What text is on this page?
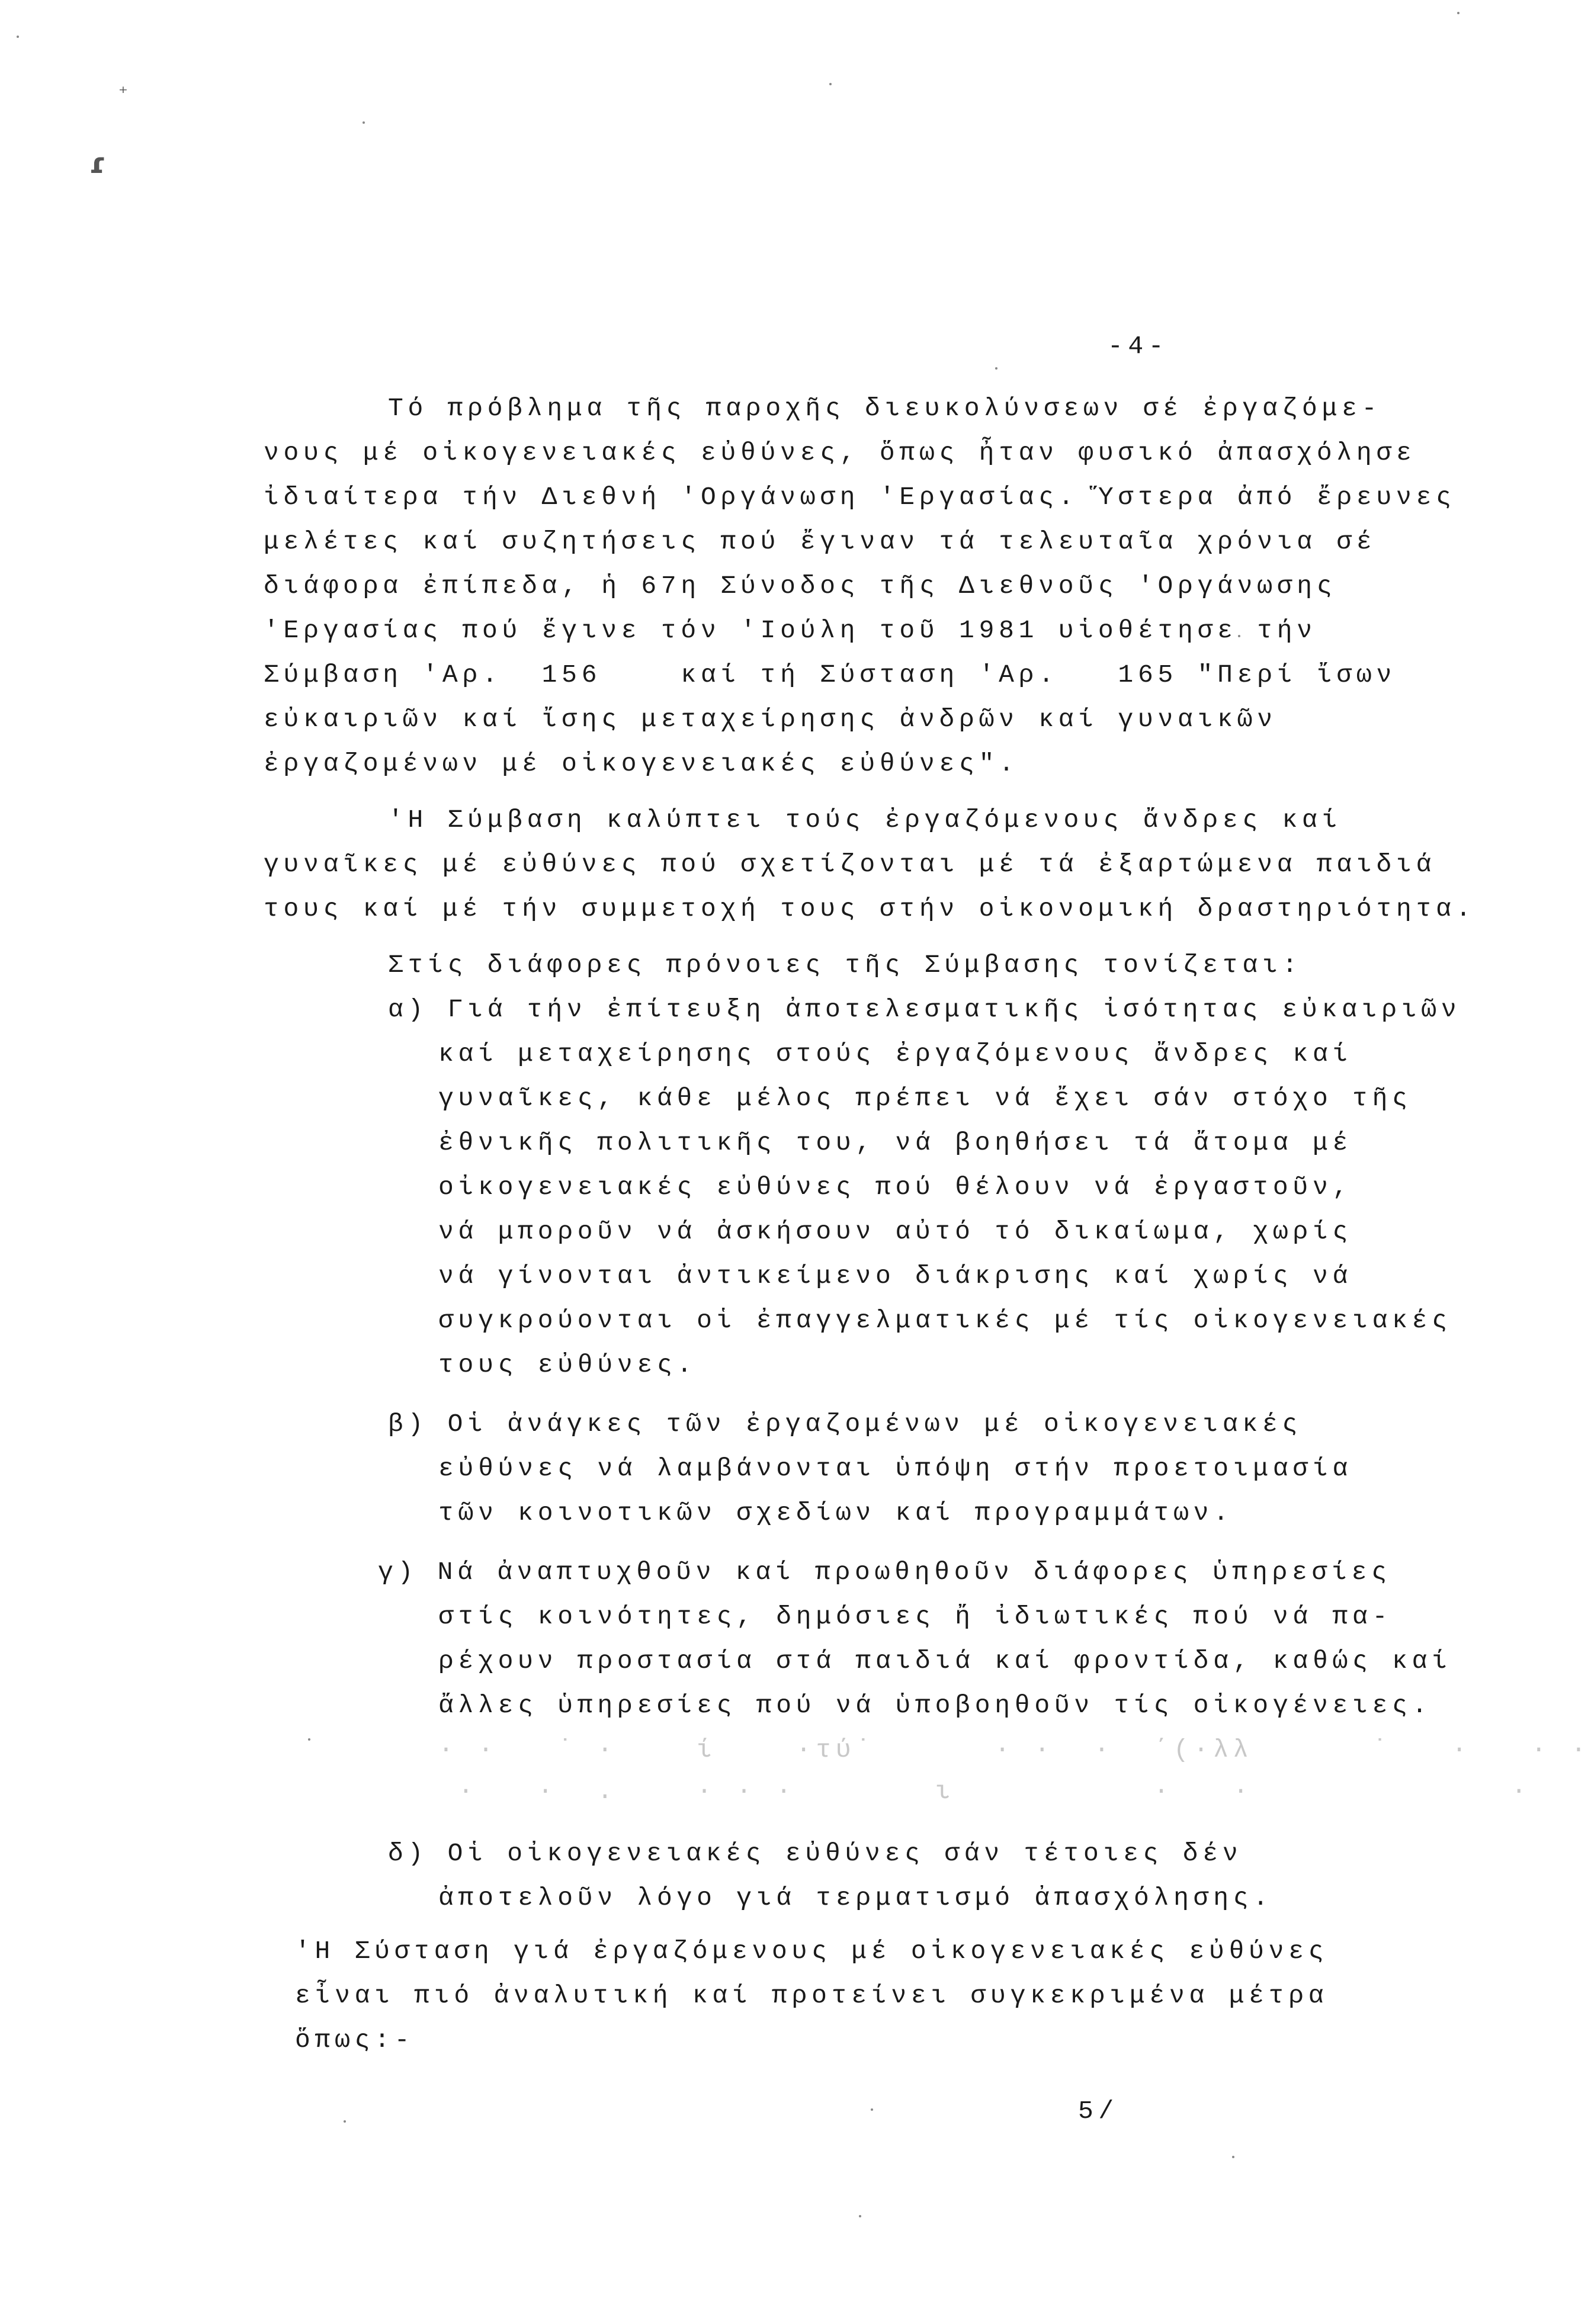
⁺
ɾ
-4-
Τό πρόβλημα τῆς παροχῆς διευκολύνσεων σέ ἐργαζόμε-
νους μέ οἰκογενειακές εὐθύνες, ὅπως ἦταν φυσικό ἀπασχόλησε
ἰδιαίτερα τήν Διεθνή 'Οργάνωση 'Εργασίας. Ὕστερα ἀπό ἔρευνες
μελέτες καί συζητήσεις πού ἔγιναν τά τελευταῖα χρόνια σέ
διάφορα ἐπίπεδα, ἡ 67η Σύνοδος τῆς Διεθνοῦς 'Οργάνωσης
'Εργασίας πού ἔγινε τόν 'Ιούλη τοῦ 1981 υἱοθέτησε τήν
Σύμβαση 'Αρ.  156    καί τή Σύσταση 'Αρ.   165 "Περί ἴσων
εὐκαιριῶν καί ἴσης μεταχείρησης ἀνδρῶν καί γυναικῶν
ἐργαζομένων μέ οἰκογενειακές εὐθύνες".
'Η Σύμβαση καλύπτει τούς ἐργαζόμενους ἄνδρες καί
γυναῖκες μέ εὐθύνες πού σχετίζονται μέ τά ἐξαρτώμενα παιδιά
τους καί μέ τήν συμμετοχή τους στήν οἰκονομική δραστηριότητα.
Στίς διάφορες πρόνοιες τῆς Σύμβασης τονίζεται:
α) Γιά τήν ἐπίτευξη ἀποτελεσματικῆς ἰσότητας εὐκαιριῶν
καί μεταχείρησης στούς ἐργαζόμενους ἄνδρες καί
γυναῖκες, κάθε μέλος πρέπει νά ἔχει σάν στόχο τῆς
ἐθνικῆς πολιτικῆς του, νά βοηθήσει τά ἄτομα μέ
οἰκογενειακές εὐθύνες πού θέλουν νά ἐργαστοῦν,
νά μποροῦν νά ἀσκήσουν αὐτό τό δικαίωμα, χωρίς
νά γίνονται ἀντικείμενο διάκρισης καί χωρίς νά
συγκρούονται οἱ ἐπαγγελματικές μέ τίς οἰκογενειακές
τους εὐθύνες.
β) Οἱ ἀνάγκες τῶν ἐργαζομένων μέ οἰκογενειακές
εὐθύνες νά λαμβάνονται ὑπόψη στήν προετοιμασία
τῶν κοινοτικῶν σχεδίων καί προγραμμάτων.
γ) Νά ἀναπτυχθοῦν καί προωθηθοῦν διάφορες ὑπηρεσίες
στίς κοινότητες, δημόσιες ἤ ἰδιωτικές πού νά πα-
ρέχουν προστασία στά παιδιά καί φροντίδα, καθώς καί
ἄλλες ὑπηρεσίες πού νά ὑποβοηθοῦν τίς οἰκογένειες.
· ·   ˙ ·    ί    ·τύ˙      · ·  ·  ΄(·λλ      ˙   ·   · ·
·   ·  .    · · ·       ι          ·   ·             ·
δ) Οἱ οἰκογενειακές εὐθύνες σάν τέτοιες δέν
ἀποτελοῦν λόγο γιά τερματισμό ἀπασχόλησης.
'Η Σύσταση γιά ἐργαζόμενους μέ οἰκογενειακές εὐθύνες
εἶναι πιό ἀναλυτική καί προτείνει συγκεκριμένα μέτρα
ὅπως:-
5/
